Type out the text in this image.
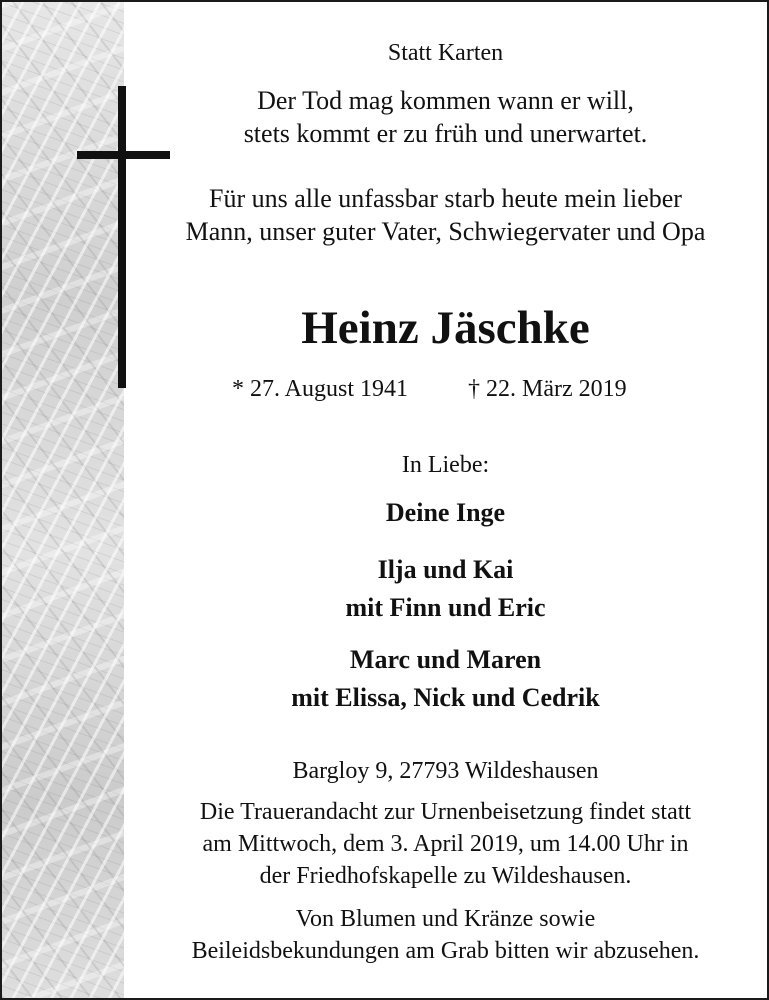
Statt Karten
Der Tod mag kommen wann er will,
stets kommt er zu früh und unerwartet.
Für uns alle unfassbar starb heute mein lieber
Mann, unser guter Vater, Schwiegervater und Opa
Heinz Jäschke
* 27. August 1941 † 22. März 2019
In Liebe:
Deine Inge
Ilja und Kai
mit Finn und Eric
Marc und Maren
mit Elissa, Nick und Cedrik
Bargloy 9, 27793 Wildeshausen
Die Trauerandacht zur Urnenbeisetzung findet statt
am Mittwoch, dem 3. April 2019, um 14.00 Uhr in
der Friedhofskapelle zu Wildeshausen.
Von Blumen und Kränze sowie
Beileidsbekundungen am Grab bitten wir abzusehen.
